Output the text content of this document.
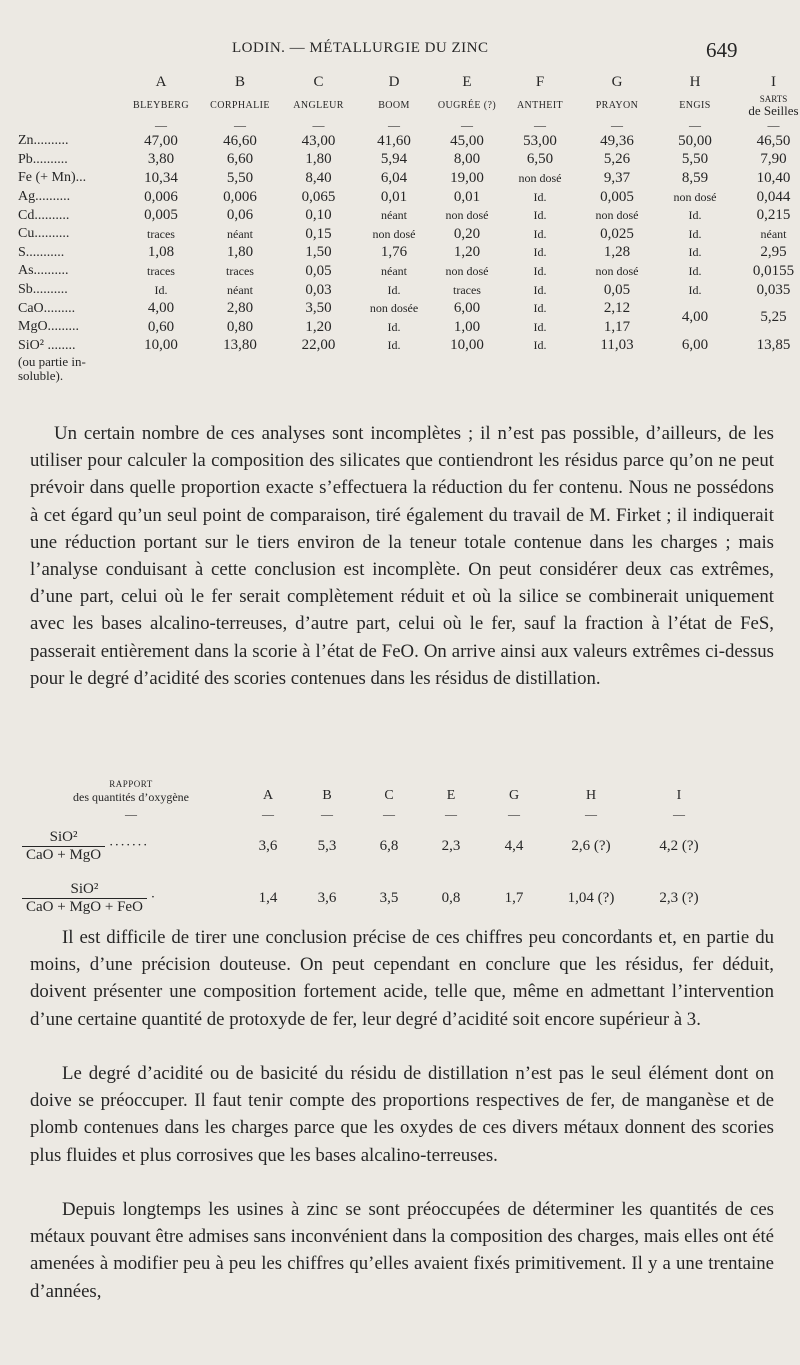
LODIN. — MÉTALLURGIE DU ZINC	649
	A	B	C	D	E	F	G	H	I
	BLEYBERG	CORPHALIE	ANGLEUR	BOOM	OUGRÉE (?)	ANTHEIT	PRAYON	ENGIS	SARTS
de Seilles
	—	—	—	—	—	—	—	—	—
Zn..........	47,00	46,60	43,00	41,60	45,00	53,00	49,36	50,00	46,50
Pb..........	3,80	6,60	1,80	5,94	8,00	6,50	5,26	5,50	7,90
Fe (+ Mn)...	10,34	5,50	8,40	6,04	19,00	non dosé	9,37	8,59	10,40
Ag..........	0,006	0,006	0,065	0,01	0,01	Id.	0,005	non dosé	0,044
Cd..........	0,005	0,06	0,10	néant	non dosé	Id.	non dosé	Id.	0,215
Cu..........	traces	néant	0,15	non dosé	0,20	Id.	0,025	Id.	néant
S...........	1,08	1,80	1,50	1,76	1,20	Id.	1,28	Id.	2,95
As..........	traces	traces	0,05	néant	non dosé	Id.	non dosé	Id.	0,0155
Sb..........	Id.	néant	0,03	Id.	traces	Id.	0,05	Id.	0,035
CaO.........	4,00	2,80	3,50	non dosée	6,00	Id.	2,12	4,00	5,25
MgO.........	0,60	0,80	1,20	Id.	1,00	Id.	1,17		
SiO² ........	10,00	13,80	22,00	Id.	10,00	Id.	11,03	6,00	13,85
(ou partie in-soluble).									

Un certain nombre de ces analyses sont incomplètes ; il n’est pas possible, d’ailleurs, de les utiliser pour calculer la composition des silicates que contiendront les résidus parce qu’on ne peut prévoir dans quelle proportion exacte s’effectuera la réduction du fer contenu. Nous ne possédons à cet égard qu’un seul point de comparaison, tiré également du travail de M. Firket ; il indiquerait une réduction portant sur le tiers environ de la teneur totale contenue dans les charges ; mais l’analyse conduisant à cette conclusion est incomplète. On peut considérer deux cas extrêmes, d’une part, celui où le fer serait complètement réduit et où la silice se combinerait uniquement avec les bases alcalino-terreuses, d’autre part, celui où le fer, sauf la fraction à l’état de FeS, passerait entièrement dans la scorie à l’état de FeO. On arrive ainsi aux valeurs extrêmes ci-dessus pour le degré d’acidité des scories contenues dans les résidus de distillation.

RAPPORT
des quantités d’oxygène	A	B	C	E	G	H	I
—	—	—	—	—	—	—	—

$\frac{\text{SiO²}}{\text{CaO + MgO}}$ ·······	3,6	5,3	6,8	2,3	4,4	2,6 (?)	4,2 (?)

$\frac{\text{SiO²}}{\text{CaO + MgO + FeO}}$ ·	1,4	3,6	3,5	0,8	1,7	1,04 (?)	2,3 (?)

Il est difficile de tirer une conclusion précise de ces chiffres peu concordants et, en partie du moins, d’une précision douteuse. On peut cependant en conclure que les résidus, fer déduit, doivent présenter une composition fortement acide, telle que, même en admettant l’intervention d’une certaine quantité de protoxyde de fer, leur degré d’acidité soit encore supérieur à 3.

Le degré d’acidité ou de basicité du résidu de distillation n’est pas le seul élément dont on doive se préoccuper. Il faut tenir compte des proportions respectives de fer, de manganèse et de plomb contenues dans les charges parce que les oxydes de ces divers métaux donnent des scories plus fluides et plus corrosives que les bases alcalino-terreuses.

Depuis longtemps les usines à zinc se sont préoccupées de déterminer les quantités de ces métaux pouvant être admises sans inconvénient dans la composition des charges, mais elles ont été amenées à modifier peu à peu les chiffres qu’elles avaient fixés primitivement. Il y a une trentaine d’années,
